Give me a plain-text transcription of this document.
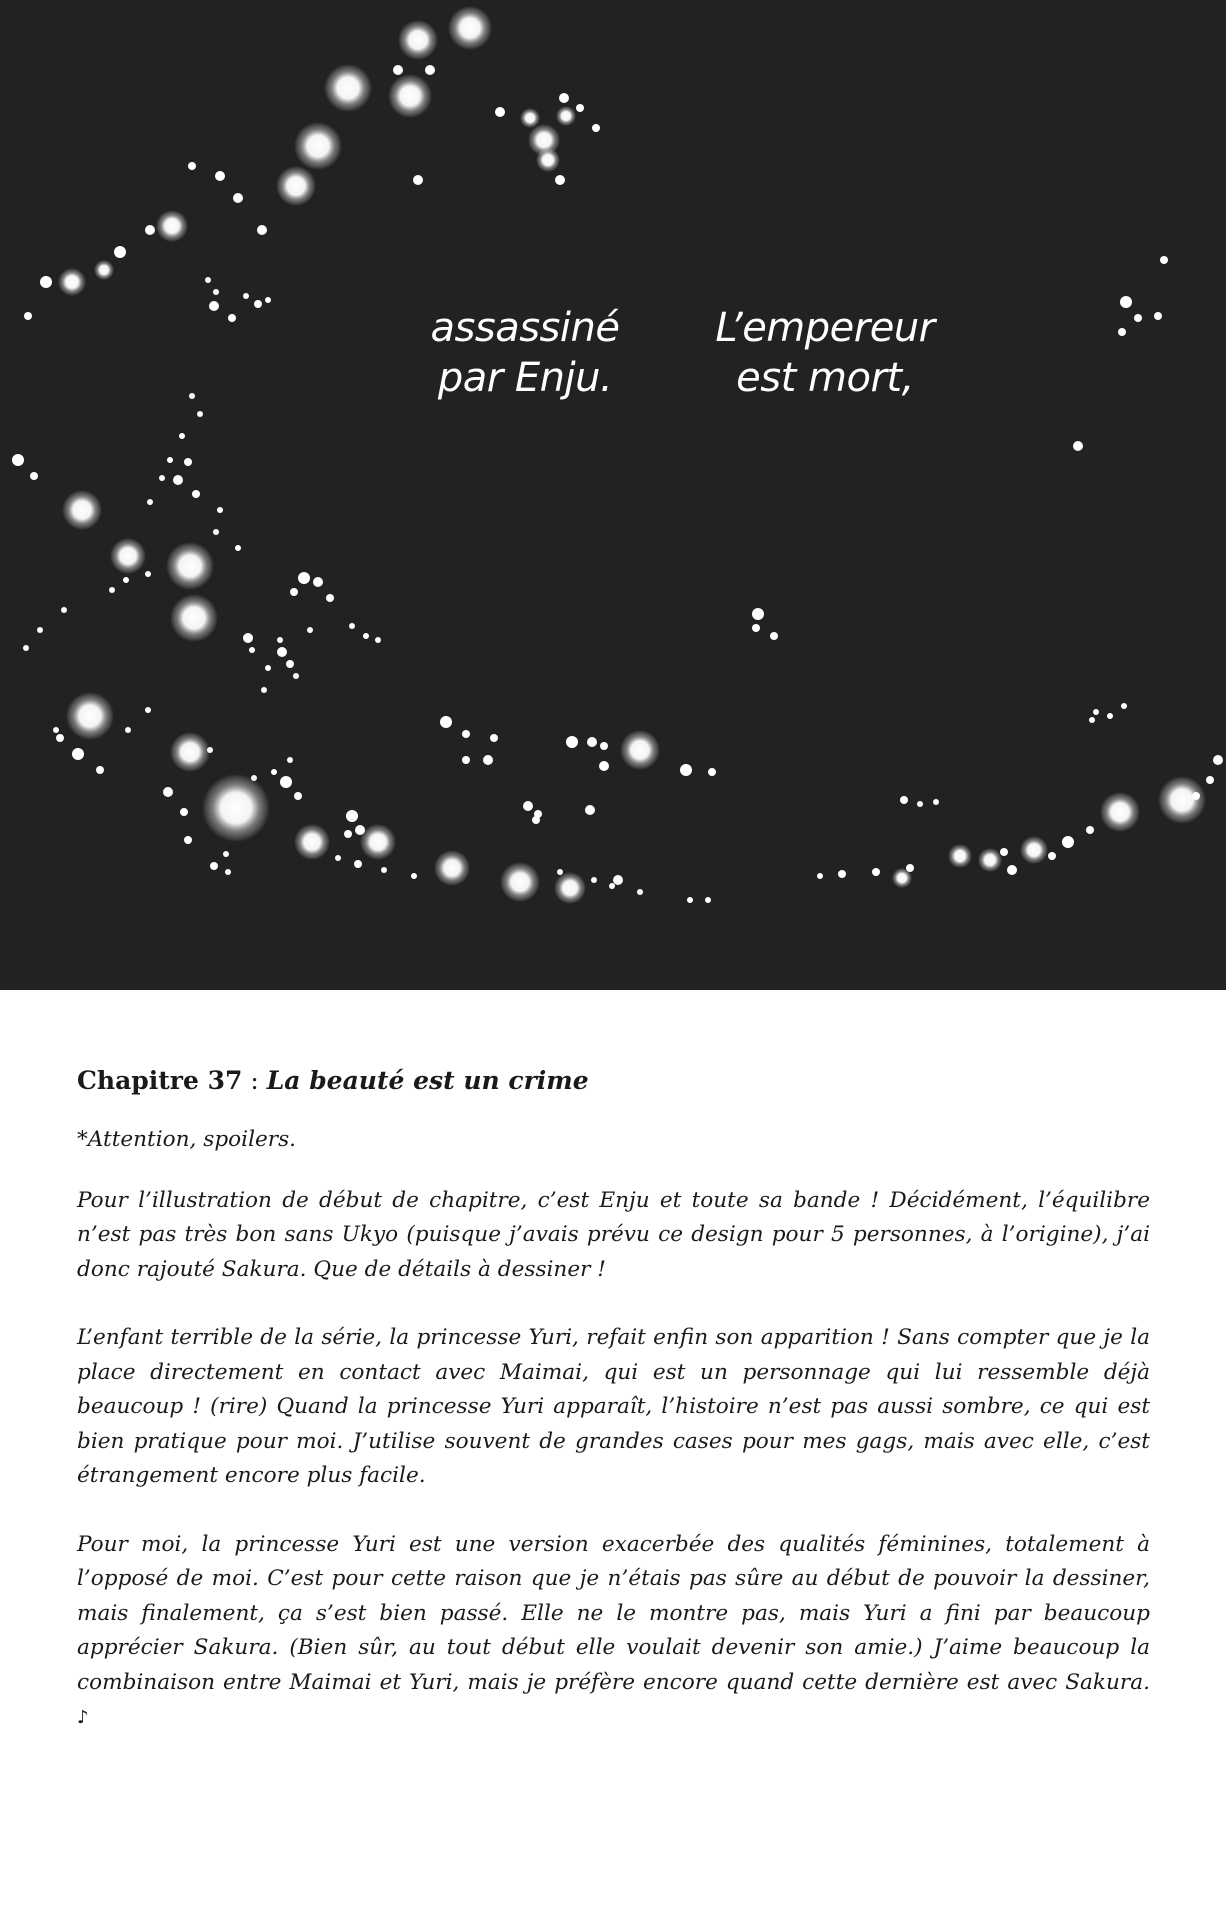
L’empereur
est mort,
assassiné
par Enju.
Chapitre 37 : La beauté est un crime

*Attention, spoilers.

Pour l’illustration de début de chapitre, c’est Enju et toute sa bande ! Décidément, l’équilibre n’est pas très bon sans Ukyo (puisque j’avais prévu ce design pour 5 personnes, à l’origine), j’ai donc rajouté Sakura. Que de détails à dessiner !

L’enfant terrible de la série, la princesse Yuri, refait enfin son apparition ! Sans compter que je la place directement en contact avec Maimai, qui est un personnage qui lui ressemble déjà beaucoup ! (rire) Quand la princesse Yuri apparaît, l’histoire n’est pas aussi sombre, ce qui est bien pratique pour moi. J’utilise souvent de grandes cases pour mes gags, mais avec elle, c’est étrangement encore plus facile.

Pour moi, la princesse Yuri est une version exacerbée des qualités féminines, totalement à l’opposé de moi. C’est pour cette raison que je n’étais pas sûre au début de pouvoir la dessiner, mais finalement, ça s’est bien passé. Elle ne le montre pas, mais Yuri a fini par beaucoup apprécier Sakura. (Bien sûr, au tout début elle voulait devenir son amie.) J’aime beaucoup la combinaison entre Maimai et Yuri, mais je préfère encore quand cette dernière est avec Sakura. ♪
